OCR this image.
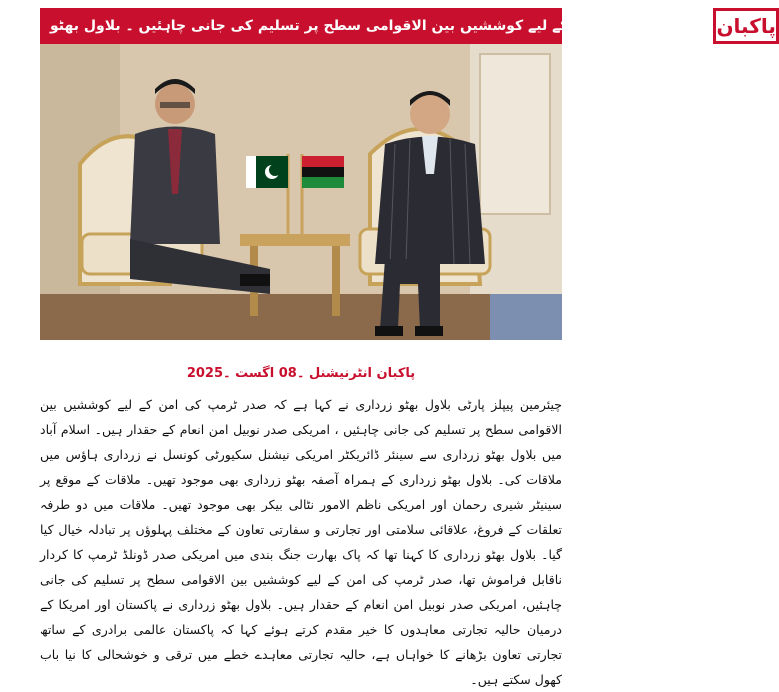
صدر ٹرمپ کی امن کے لیے کوششیں بین الاقوامی سطح پر تسلیم کی جانی چاہئیں ۔ بلاول بھٹو پاکبان
پاکبان انٹرنیشنل ۔08 اگست ۔2025
چیئرمین پیپلز پارٹی بلاول بھٹو زرداری نے کہا ہے کہ صدر ٹرمپ کی امن کے لیے کوششیں بین الاقوامی سطح پر تسلیم کی جانی چاہئیں ، امریکی صدر نوبیل امن انعام کے حقدار ہیں۔ اسلام آباد میں بلاول بھٹو زرداری سے سینئر ڈائریکٹر امریکی نیشنل سکیورٹی کونسل نے زرداری ہاؤس میں ملاقات کی۔ بلاول بھٹو زرداری کے ہمراہ آصفہ بھٹو زرداری بھی موجود تھیں۔ ملاقات کے موقع پر سینیٹر شیری رحمان اور امریکی ناظم الامور نٹالی بیکر بھی موجود تھیں۔ ملاقات میں دو طرفہ تعلقات کے فروغ، علاقائی سلامتی اور تجارتی و سفارتی تعاون کے مختلف پہلوؤں پر تبادلہ خیال کیا گیا۔ بلاول بھٹو زرداری کا کہنا تھا کہ پاک بھارت جنگ بندی میں امریکی صدر ڈونلڈ ٹرمپ کا کردار ناقابل فراموش تھا، صدر ٹرمپ کی امن کے لیے کوششیں بین الاقوامی سطح پر تسلیم کی جانی چاہئیں، امریکی صدر نوبیل امن انعام کے حقدار ہیں۔ بلاول بھٹو زرداری نے پاکستان اور امریکا کے درمیان حالیہ تجارتی معاہدوں کا خیر مقدم کرتے ہوئے کہا کہ پاکستان عالمی برادری کے ساتھ تجارتی تعاون بڑھانے کا خواہاں ہے، حالیہ تجارتی معاہدے خطے میں ترقی و خوشحالی کا نیا باب کھول سکتے ہیں۔
